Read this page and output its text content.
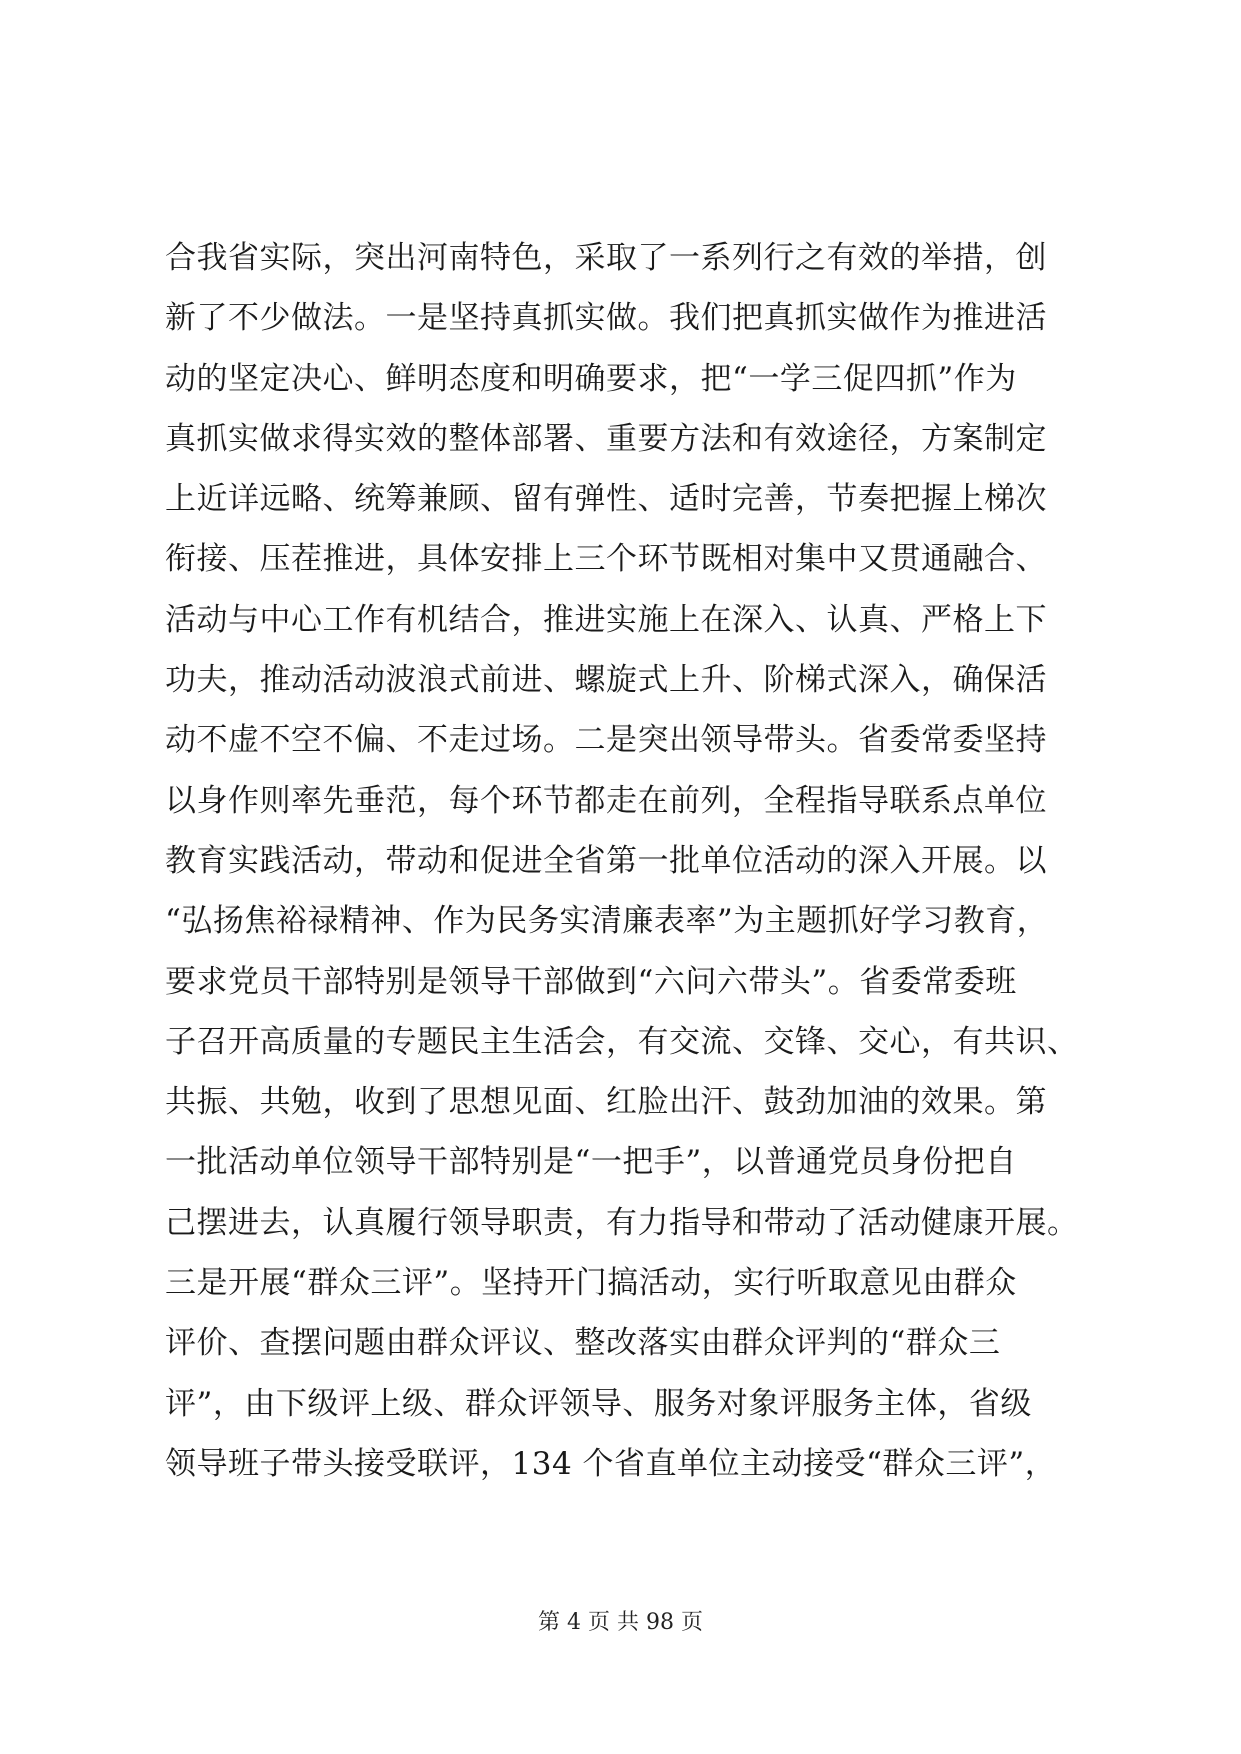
合我省实际，突出河南特色，采取了一系列行之有效的举措，创
新了不少做法。一是坚持真抓实做。我们把真抓实做作为推进活
动的坚定决心、鲜明态度和明确要求，把“一学三促四抓”作为
真抓实做求得实效的整体部署、重要方法和有效途径，方案制定
上近详远略、统筹兼顾、留有弹性、适时完善，节奏把握上梯次
衔接、压茬推进，具体安排上三个环节既相对集中又贯通融合、
活动与中心工作有机结合，推进实施上在深入、认真、严格上下
功夫，推动活动波浪式前进、螺旋式上升、阶梯式深入，确保活
动不虚不空不偏、不走过场。二是突出领导带头。省委常委坚持
以身作则率先垂范，每个环节都走在前列，全程指导联系点单位
教育实践活动，带动和促进全省第一批单位活动的深入开展。以
“弘扬焦裕禄精神、作为民务实清廉表率”为主题抓好学习教育，
要求党员干部特别是领导干部做到“六问六带头”。省委常委班
子召开高质量的专题民主生活会，有交流、交锋、交心，有共识、
共振、共勉，收到了思想见面、红脸出汗、鼓劲加油的效果。第
一批活动单位领导干部特别是“一把手”，以普通党员身份把自
己摆进去，认真履行领导职责，有力指导和带动了活动健康开展。
三是开展“群众三评”。坚持开门搞活动，实行听取意见由群众
评价、查摆问题由群众评议、整改落实由群众评判的“群众三
评”，由下级评上级、群众评领导、服务对象评服务主体，省级
领导班子带头接受联评，134 个省直单位主动接受“群众三评”，
第 4 页 共 98 页
